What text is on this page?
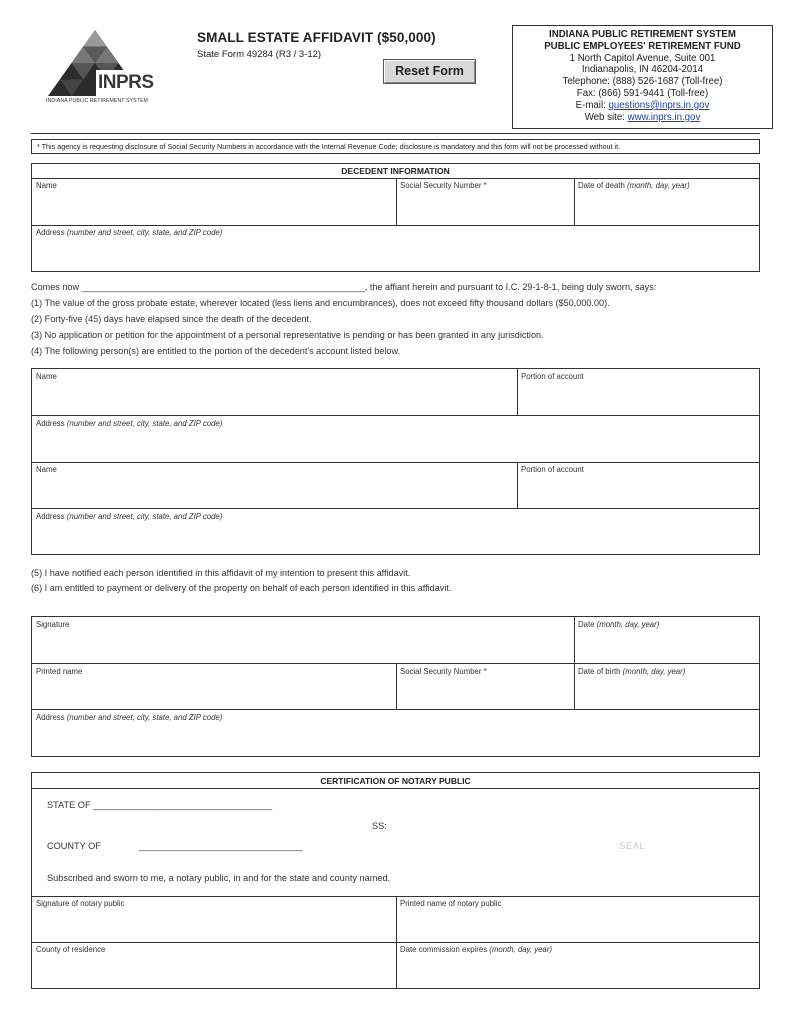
INPRS
INDIANA PUBLIC RETIREMENT SYSTEM
SMALL ESTATE AFFIDAVIT ($50,000)
State Form 49284 (R3 / 3-12)
Reset Form
INDIANA PUBLIC RETIREMENT SYSTEM
PUBLIC EMPLOYEES' RETIREMENT FUND
1 North Capitol Avenue, Suite 001
Indianapolis, IN 46204-2014
Telephone: (888) 526-1687 (Toll-free)
Fax: (866) 591-9441 (Toll-free)
E-mail: questions@inprs.in.gov
Web site: www.inprs.in.gov
* This agency is requesting disclosure of Social Security Numbers in accordance with the Internal Revenue Code; disclosure is mandatory and this form will not be processed without it.
DECEDENT INFORMATION
Name	Social Security Number *	Date of death (month, day, year)
Address (number and street, city, state, and ZIP code)
Comes now ________________________________________________________, the affiant herein and pursuant to I.C. 29-1-8-1, being duly sworn, says:
(1) The value of the gross probate estate, wherever located (less liens and encumbrances), does not exceed fifty thousand dollars ($50,000.00).
(2) Forty-five (45) days have elapsed since the death of the decedent.
(3) No application or petition for the appointment of a personal representative is pending or has been granted in any jurisdiction.
(4) The following person(s) are entitled to the portion of the decedent's account listed below.
Name	Portion of account
Address (number and street, city, state, and ZIP code)
Name	Portion of account
Address (number and street, city, state, and ZIP code)
(5) I have notified each person identified in this affidavit of my intention to present this affidavit.
(6) I am entitled to payment or delivery of the property on behalf of each person identified in this affidavit.
Signature	Date (month, day, year)
Printed name	Social Security Number *	Date of birth (month, day, year)
Address (number and street, city, state, and ZIP code)
CERTIFICATION OF NOTARY PUBLIC
STATE OF ___________________________________
SS:
COUNTY OF	________________________________	SEAL
Subscribed and sworn to me, a notary public, in and for the state and county named.
Signature of notary public	Printed name of notary public
County of residence	Date commission expires (month, day, year)
